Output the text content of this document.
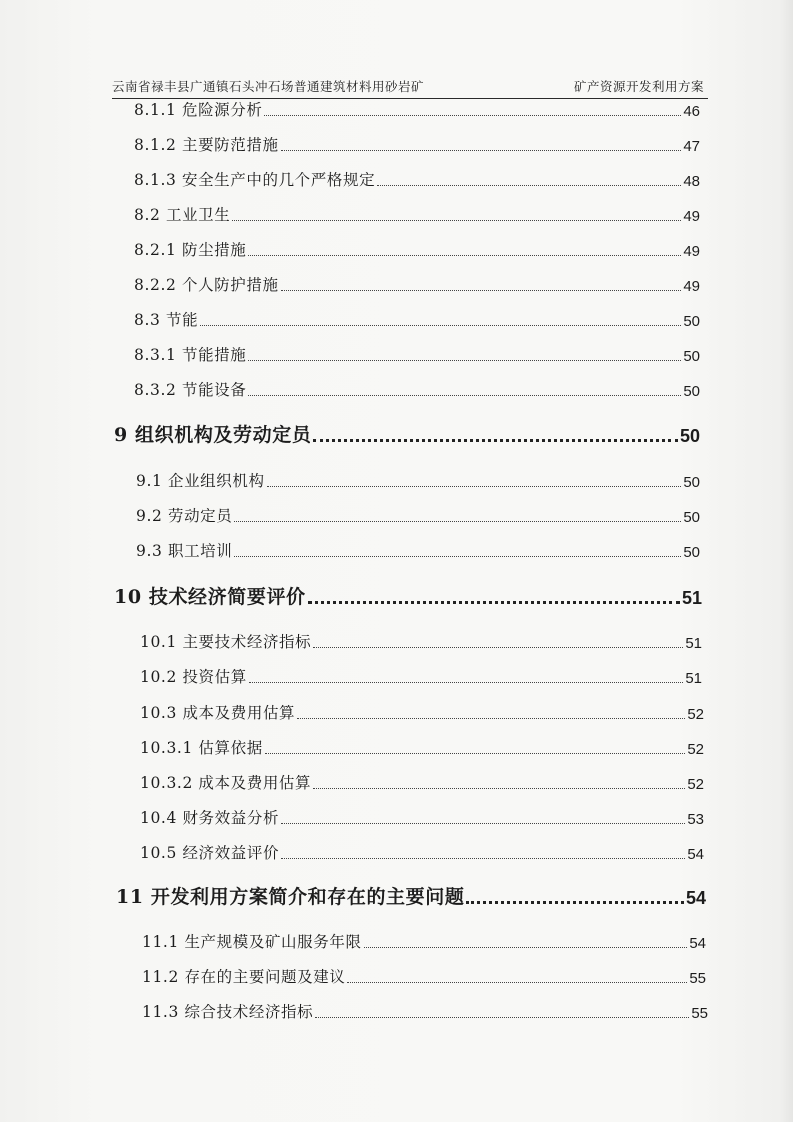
云南省禄丰县广通镇石头冲石场普通建筑材料用砂岩矿	矿产资源开发利用方案
8.1.1 危险源分析	46
8.1.2 主要防范措施	47
8.1.3 安全生产中的几个严格规定	48
8.2 工业卫生	49
8.2.1 防尘措施	49
8.2.2 个人防护措施	49
8.3 节能	50
8.3.1 节能措施	50
8.3.2 节能设备	50
9 组织机构及劳动定员	50
9.1 企业组织机构	50
9.2 劳动定员	50
9.3 职工培训	50
10 技术经济简要评价	51
10.1 主要技术经济指标	51
10.2 投资估算	51
10.3 成本及费用估算	52
10.3.1 估算依据	52
10.3.2 成本及费用估算	52
10.4 财务效益分析	53
10.5 经济效益评价	54
11 开发利用方案简介和存在的主要问题	54
11.1 生产规模及矿山服务年限	54
11.2 存在的主要问题及建议	55
11.3 综合技术经济指标	55
